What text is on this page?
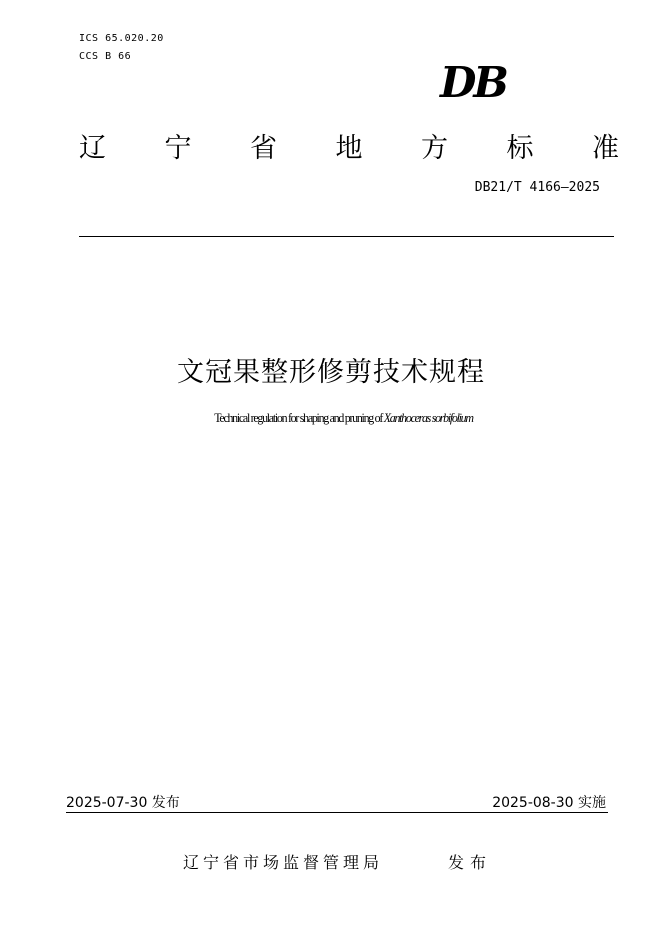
ICS 65.020.20
CCS B 66
DB
辽 宁 省 地 方 标 准
DB21/T 4166—2025
文冠果整形修剪技术规程
Technical regulation for shaping and pruning of Xanthoceras sorbifolium
2025-07-30 发布	2025-08-30 实施
辽宁省市场监督管理局	发布
